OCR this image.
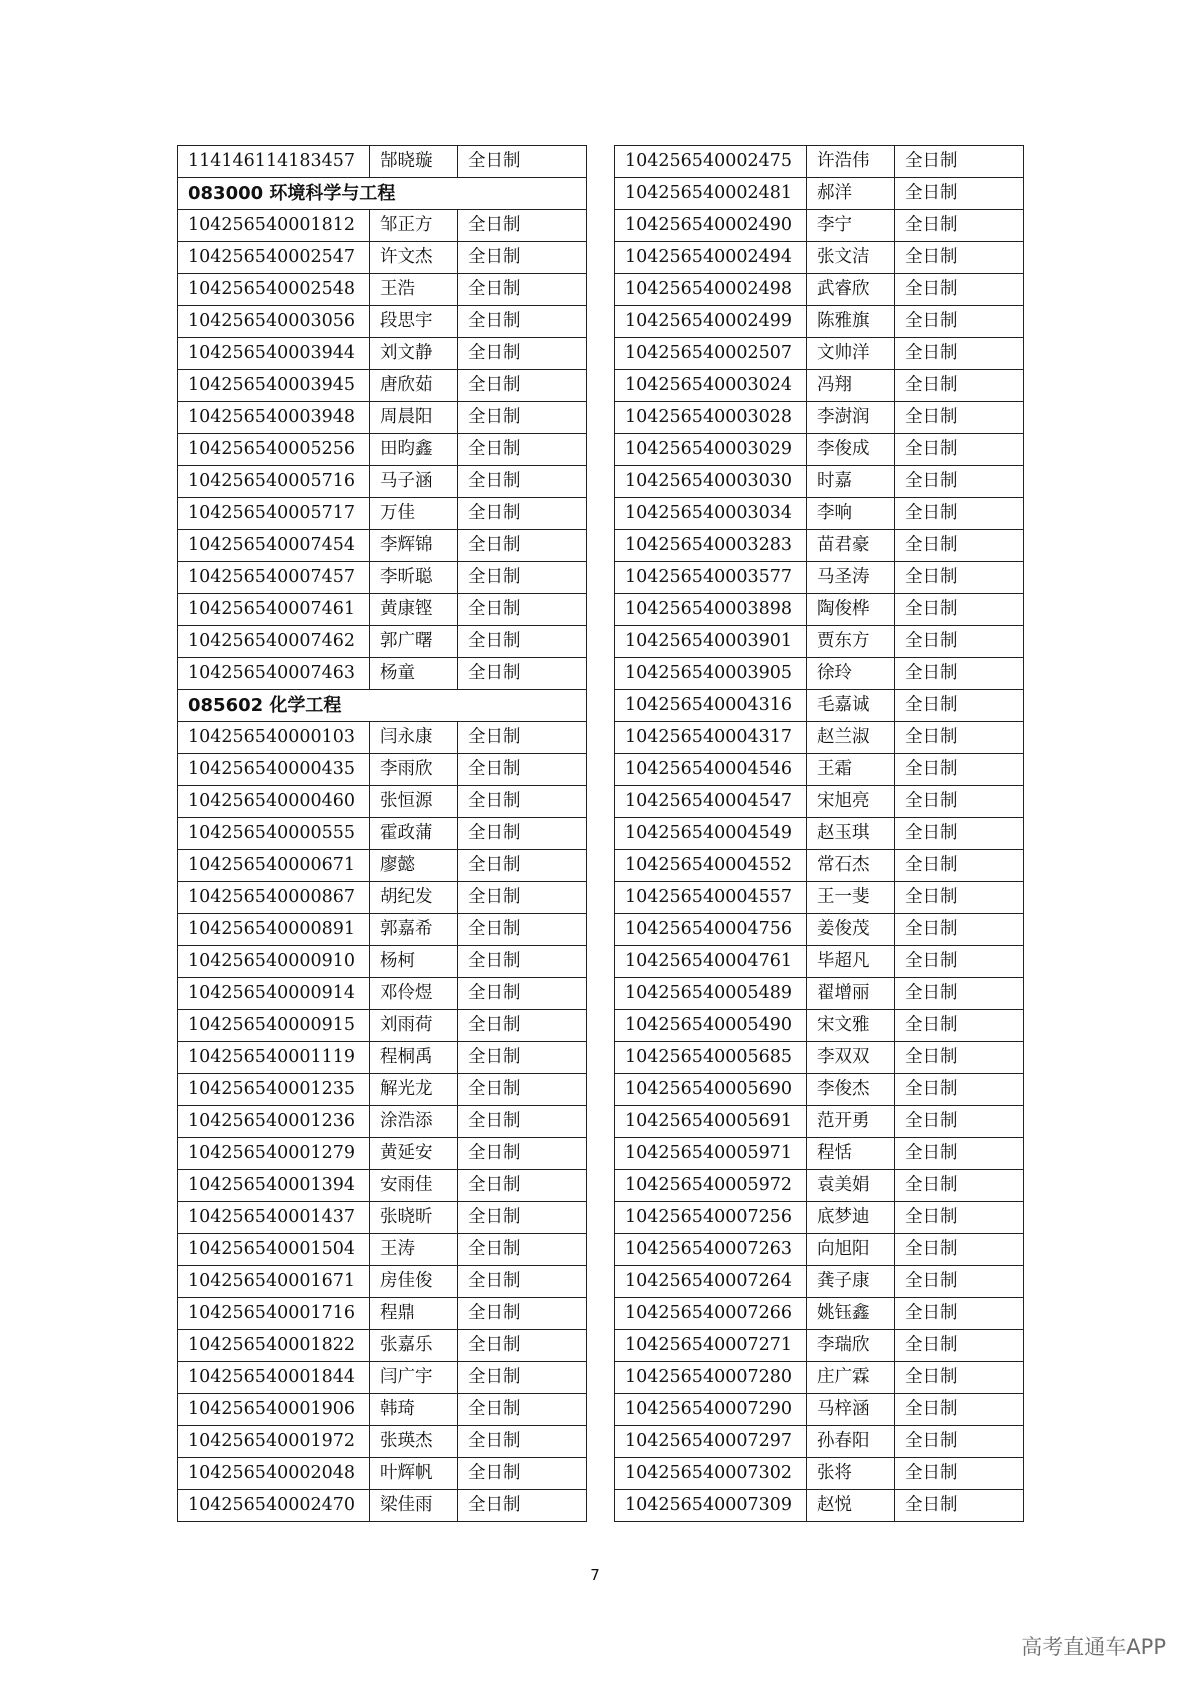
114146114183457	郜晓璇	全日制
083000 环境科学与工程		
104256540001812	邹正方	全日制
104256540002547	许文杰	全日制
104256540002548	王浩	全日制
104256540003056	段思宇	全日制
104256540003944	刘文静	全日制
104256540003945	唐欣茹	全日制
104256540003948	周晨阳	全日制
104256540005256	田昀鑫	全日制
104256540005716	马子涵	全日制
104256540005717	万佳	全日制
104256540007454	李辉锦	全日制
104256540007457	李昕聪	全日制
104256540007461	黄康铿	全日制
104256540007462	郭广曙	全日制
104256540007463	杨童	全日制
085602 化学工程		
104256540000103	闫永康	全日制
104256540000435	李雨欣	全日制
104256540000460	张恒源	全日制
104256540000555	霍政蒲	全日制
104256540000671	廖懿	全日制
104256540000867	胡纪发	全日制
104256540000891	郭嘉希	全日制
104256540000910	杨柯	全日制
104256540000914	邓伶煜	全日制
104256540000915	刘雨荷	全日制
104256540001119	程桐禹	全日制
104256540001235	解光龙	全日制
104256540001236	涂浩添	全日制
104256540001279	黄延安	全日制
104256540001394	安雨佳	全日制
104256540001437	张晓昕	全日制
104256540001504	王涛	全日制
104256540001671	房佳俊	全日制
104256540001716	程鼎	全日制
104256540001822	张嘉乐	全日制
104256540001844	闫广宇	全日制
104256540001906	韩琦	全日制
104256540001972	张瑛杰	全日制
104256540002048	叶辉帆	全日制
104256540002470	梁佳雨	全日制
104256540002475	许浩伟	全日制
104256540002481	郝洋	全日制
104256540002490	李宁	全日制
104256540002494	张文洁	全日制
104256540002498	武睿欣	全日制
104256540002499	陈雅旗	全日制
104256540002507	文帅洋	全日制
104256540003024	冯翔	全日制
104256540003028	李澍润	全日制
104256540003029	李俊成	全日制
104256540003030	时嘉	全日制
104256540003034	李响	全日制
104256540003283	苗君豪	全日制
104256540003577	马圣涛	全日制
104256540003898	陶俊桦	全日制
104256540003901	贾东方	全日制
104256540003905	徐玲	全日制
104256540004316	毛嘉诚	全日制
104256540004317	赵兰淑	全日制
104256540004546	王霜	全日制
104256540004547	宋旭亮	全日制
104256540004549	赵玉琪	全日制
104256540004552	常石杰	全日制
104256540004557	王一斐	全日制
104256540004756	姜俊茂	全日制
104256540004761	毕超凡	全日制
104256540005489	翟增丽	全日制
104256540005490	宋文雅	全日制
104256540005685	李双双	全日制
104256540005690	李俊杰	全日制
104256540005691	范开勇	全日制
104256540005971	程恬	全日制
104256540005972	袁美娟	全日制
104256540007256	底梦迪	全日制
104256540007263	向旭阳	全日制
104256540007264	龚子康	全日制
104256540007266	姚钰鑫	全日制
104256540007271	李瑞欣	全日制
104256540007280	庄广霖	全日制
104256540007290	马梓涵	全日制
104256540007297	孙春阳	全日制
104256540007302	张将	全日制
104256540007309	赵悦	全日制
7
高考直通车APP
